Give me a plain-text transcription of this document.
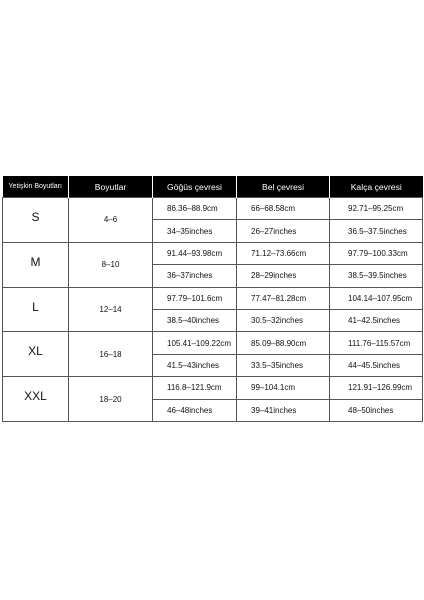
Yetişkin Boyutları	Boyutlar	Göğüs çevresi	Bel çevresi	Kalça çevresi
S	4–6	86.36–88.9cm	66–68.58cm	92.71–95.25cm
		34–35inches	26–27inches	36.5–37.5inches
M	8–10	91.44–93.98cm	71.12–73.66cm	97.79–100.33cm
		36–37inches	28–29inches	38.5–39.5inches
L	12–14	97.79–101.6cm	77.47–81.28cm	104.14–107.95cm
		38.5–40inches	30.5–32inches	41–42.5inches
XL	16–18	105.41–109.22cm	85.09–88.90cm	111.76–115.57cm
		41.5–43inches	33.5–35inches	44–45.5inches
XXL	18–20	116.8–121.9cm	99–104.1cm	121.91–126.99cm
		46–48inches	39–41inches	48–50inches
